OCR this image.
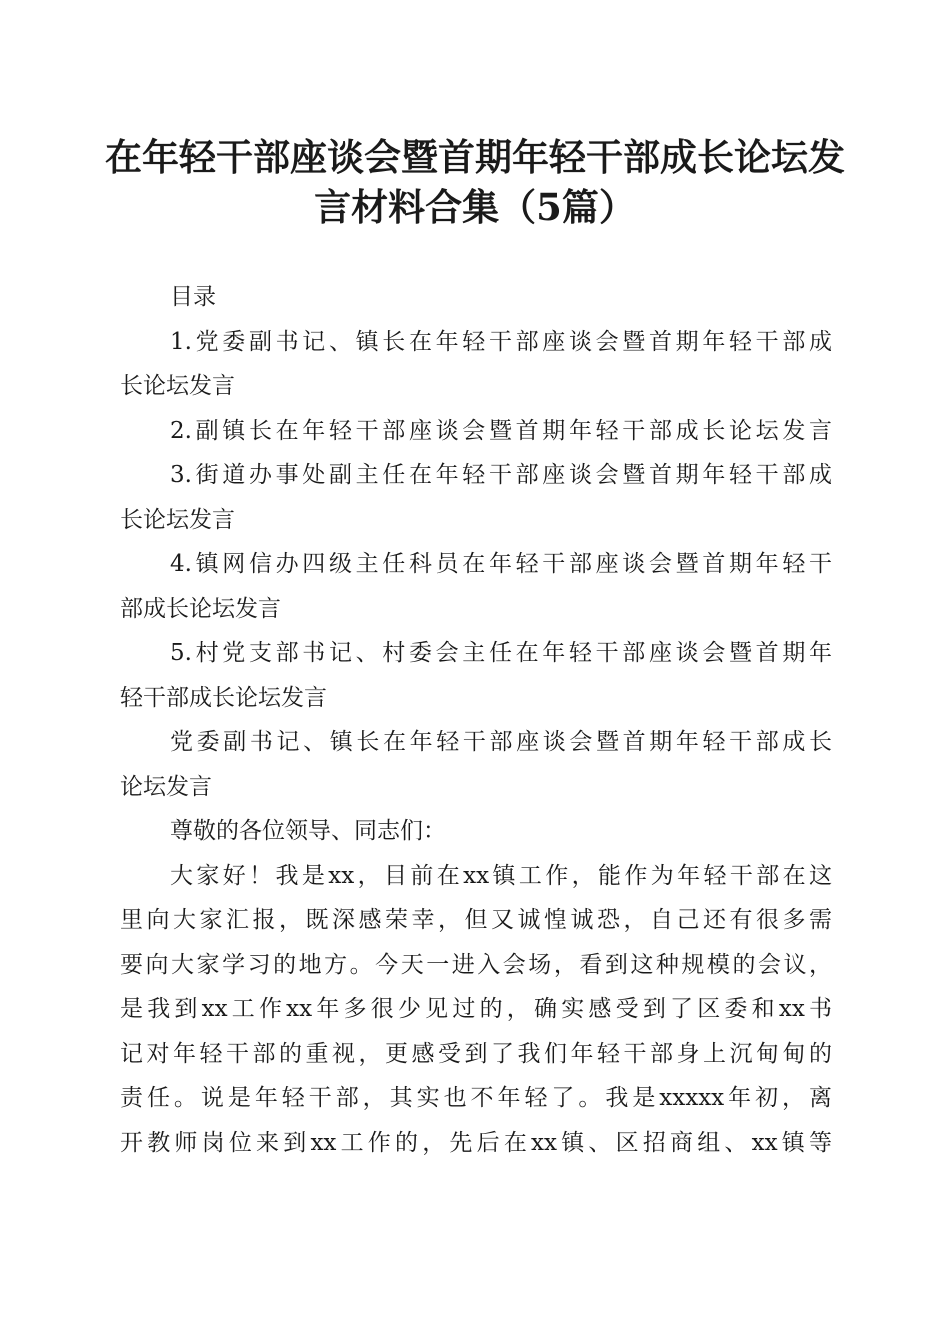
在年轻干部座谈会暨首期年轻干部成长论坛发
言材料合集（5篇）
目录
1.党委副书记、镇长在年轻干部座谈会暨首期年轻干部成
长论坛发言
2.副镇长在年轻干部座谈会暨首期年轻干部成长论坛发言
3.街道办事处副主任在年轻干部座谈会暨首期年轻干部成
长论坛发言
4.镇网信办四级主任科员在年轻干部座谈会暨首期年轻干
部成长论坛发言
5.村党支部书记、村委会主任在年轻干部座谈会暨首期年
轻干部成长论坛发言
党委副书记、镇长在年轻干部座谈会暨首期年轻干部成长
论坛发言
尊敬的各位领导、同志们：
大家好！我是xx，目前在xx镇工作，能作为年轻干部在这
里向大家汇报，既深感荣幸，但又诚惶诚恐，自己还有很多需
要向大家学习的地方。今天一进入会场，看到这种规模的会议，
是我到xx工作xx年多很少见过的，确实感受到了区委和xx书
记对年轻干部的重视，更感受到了我们年轻干部身上沉甸甸的
责任。说是年轻干部，其实也不年轻了。我是xxxxx年初，离
开教师岗位来到xx工作的，先后在xx镇、区招商组、xx镇等
